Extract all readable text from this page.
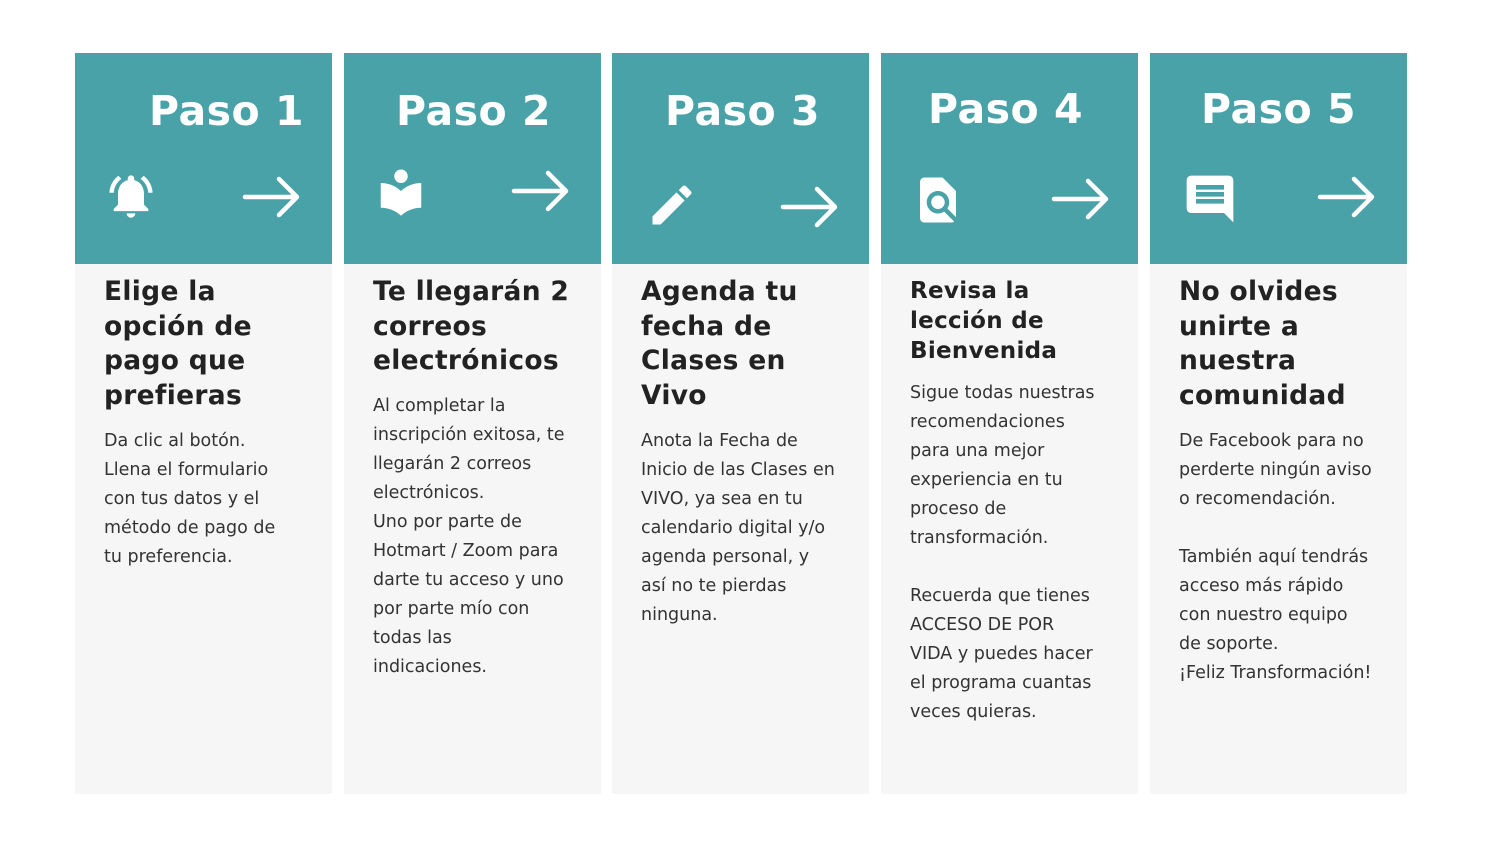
Paso 1
Elige la
opción de
pago que
prefieras
Da clic al botón.
Llena el formulario
con tus datos y el
método de pago de
tu preferencia.
Paso 2
Te llegarán 2
correos
electrónicos
Al completar la
inscripción exitosa, te
llegarán 2 correos
electrónicos.
Uno por parte de
Hotmart / Zoom para
darte tu acceso y uno
por parte mío con
todas las
indicaciones.
Paso 3
Agenda tu
fecha de
Clases en
Vivo
Anota la Fecha de
Inicio de las Clases en
VIVO, ya sea en tu
calendario digital y/o
agenda personal, y
así no te pierdas
ninguna.
Paso 4
Revisa la
lección de
Bienvenida
Sigue todas nuestras
recomendaciones
para una mejor
experiencia en tu
proceso de
transformación.

Recuerda que tienes
ACCESO DE POR
VIDA y puedes hacer
el programa cuantas
veces quieras.
Paso 5
No olvides
unirte a
nuestra
comunidad
De Facebook para no
perderte ningún aviso
o recomendación.

También aquí tendrás
acceso más rápido
con nuestro equipo
de soporte.
¡Feliz Transformación!
